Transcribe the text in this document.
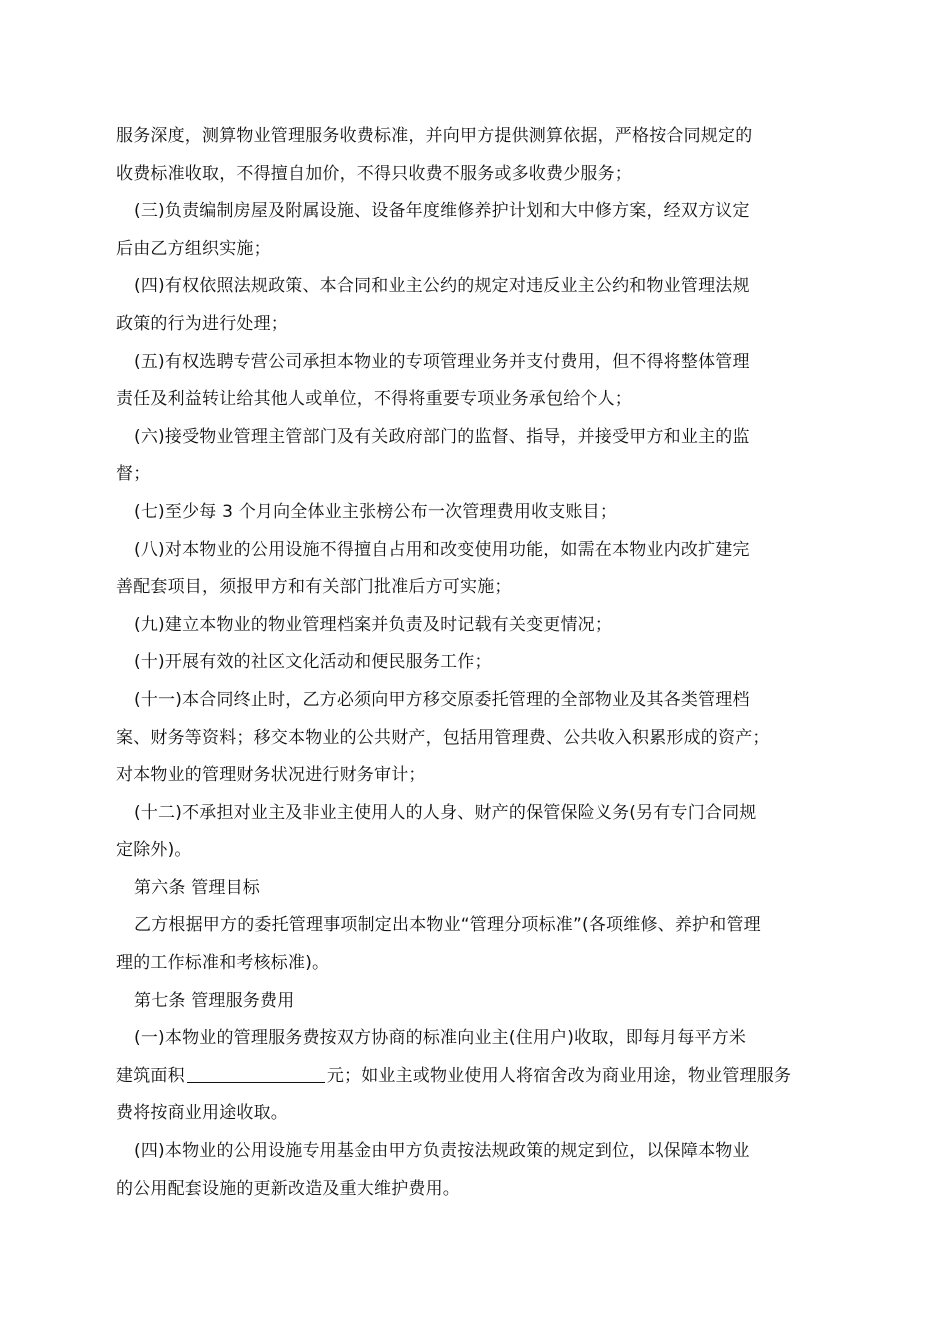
服务深度，测算物业管理服务收费标准，并向甲方提供测算依据，严格按合同规定的
收费标准收取，不得擅自加价，不得只收费不服务或多收费少服务；
(三)负责编制房屋及附属设施、设备年度维修养护计划和大中修方案，经双方议定
后由乙方组织实施；
(四)有权依照法规政策、本合同和业主公约的规定对违反业主公约和物业管理法规
政策的行为进行处理；
(五)有权选聘专营公司承担本物业的专项管理业务并支付费用，但不得将整体管理
责任及利益转让给其他人或单位，不得将重要专项业务承包给个人；
(六)接受物业管理主管部门及有关政府部门的监督、指导，并接受甲方和业主的监
督；
(七)至少每 3 个月向全体业主张榜公布一次管理费用收支账目；
(八)对本物业的公用设施不得擅自占用和改变使用功能，如需在本物业内改扩建完
善配套项目，须报甲方和有关部门批准后方可实施；
(九)建立本物业的物业管理档案并负责及时记载有关变更情况；
(十)开展有效的社区文化活动和便民服务工作；
(十一)本合同终止时，乙方必须向甲方移交原委托管理的全部物业及其各类管理档
案、财务等资料；移交本物业的公共财产，包括用管理费、公共收入积累形成的资产；
对本物业的管理财务状况进行财务审计；
(十二)不承担对业主及非业主使用人的人身、财产的保管保险义务(另有专门合同规
定除外)。
第六条 管理目标
乙方根据甲方的委托管理事项制定出本物业“管理分项标准”(各项维修、养护和管理
理的工作标准和考核标准)。
第七条 管理服务费用
(一)本物业的管理服务费按双方协商的标准向业主(住用户)收取，即每月每平方米
建筑面积	元；如业主或物业使用人将宿舍改为商业用途，物业管理服务
费将按商业用途收取。
(四)本物业的公用设施专用基金由甲方负责按法规政策的规定到位，以保障本物业
的公用配套设施的更新改造及重大维护费用。
